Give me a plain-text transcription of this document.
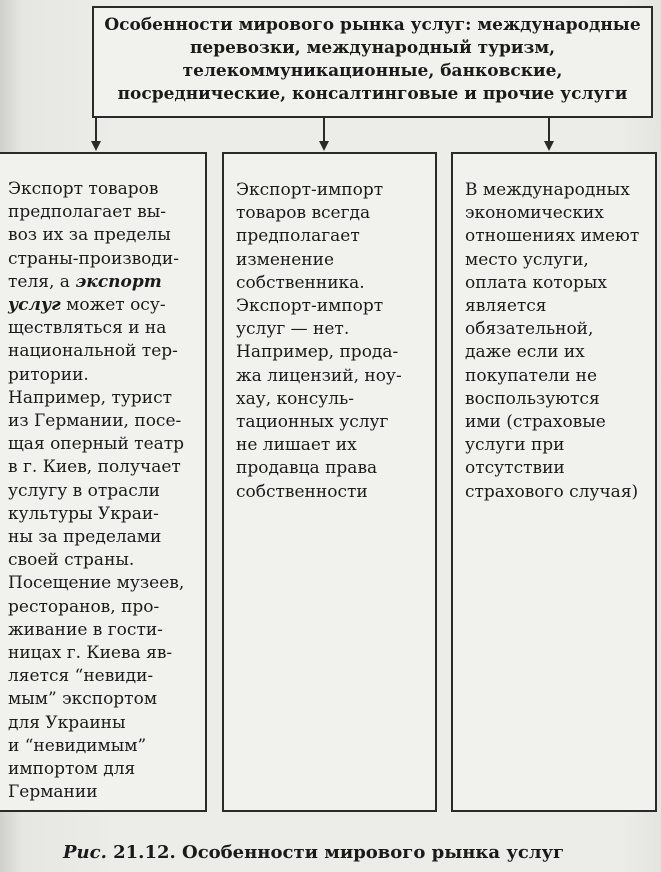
Особенности мирового рынка услуг: международные перевозки, международный туризм, телекоммуникационные, банковские, посреднические, консалтинговые и прочие услуги
Экспорт товаров
предполагает вы-
воз их за пределы
страны-производи-
теля, а экспорт
услуг может осу-
ществляться и на
национальной тер-
ритории.
Например, турист
из Германии, посе-
щая оперный театр
в г. Киев, получает
услугу в отрасли
культуры Украи-
ны за пределами
своей страны.
Посещение музеев,
ресторанов, про-
живание в гости-
ницах г. Киева яв-
ляется “невиди-
мым” экспортом
для Украины
и “невидимым”
импортом для
Германии
Экспорт-импорт
товаров всегда
предполагает
изменение
собственника.
Экспорт-импорт
услуг — нет.
Например, прода-
жа лицензий, ноу-
хау, консуль-
тационных услуг
не лишает их
продавца права
собственности
В международных
экономических
отношениях имеют
место услуги,
оплата которых
является
обязательной,
даже если их
покупатели не
воспользуются
ими (страховые
услуги при
отсутствии
страхового случая)
Рис. 21.12. Особенности мирового рынка услуг
